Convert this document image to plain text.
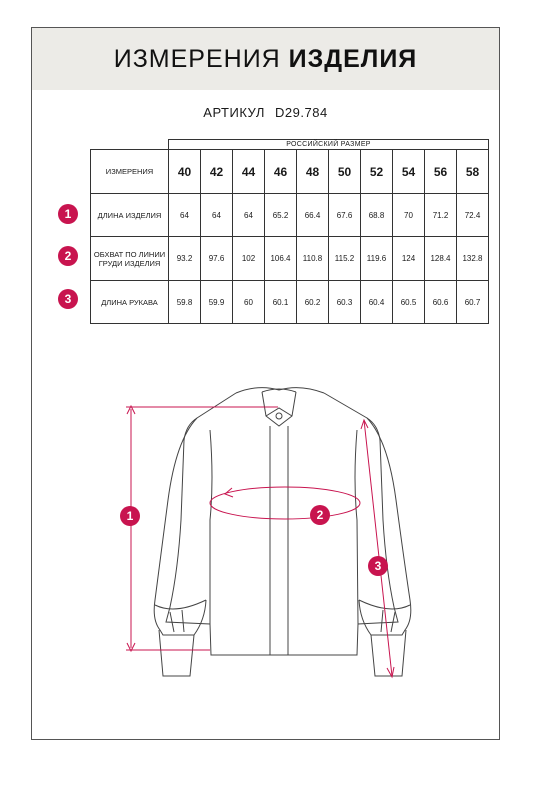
ИЗМЕРЕНИЯ ИЗДЕЛИЯ
АРТИКУЛ D29.784
	РОССИЙСКИЙ РАЗМЕР									
ИЗМЕРЕНИЯ	40	42	44	46	48	50	52	54	56	58
ДЛИНА ИЗДЕЛИЯ	64	64	64	65.2	66.4	67.6	68.8	70	71.2	72.4
ОБХВАТ ПО ЛИНИИ ГРУДИ ИЗДЕЛИЯ	93.2	97.6	102	106.4	110.8	115.2	119.6	124	128.4	132.8
ДЛИНА РУКАВА	59.8	59.9	60	60.1	60.2	60.3	60.4	60.5	60.6	60.7
1
2
3
1	2
3
